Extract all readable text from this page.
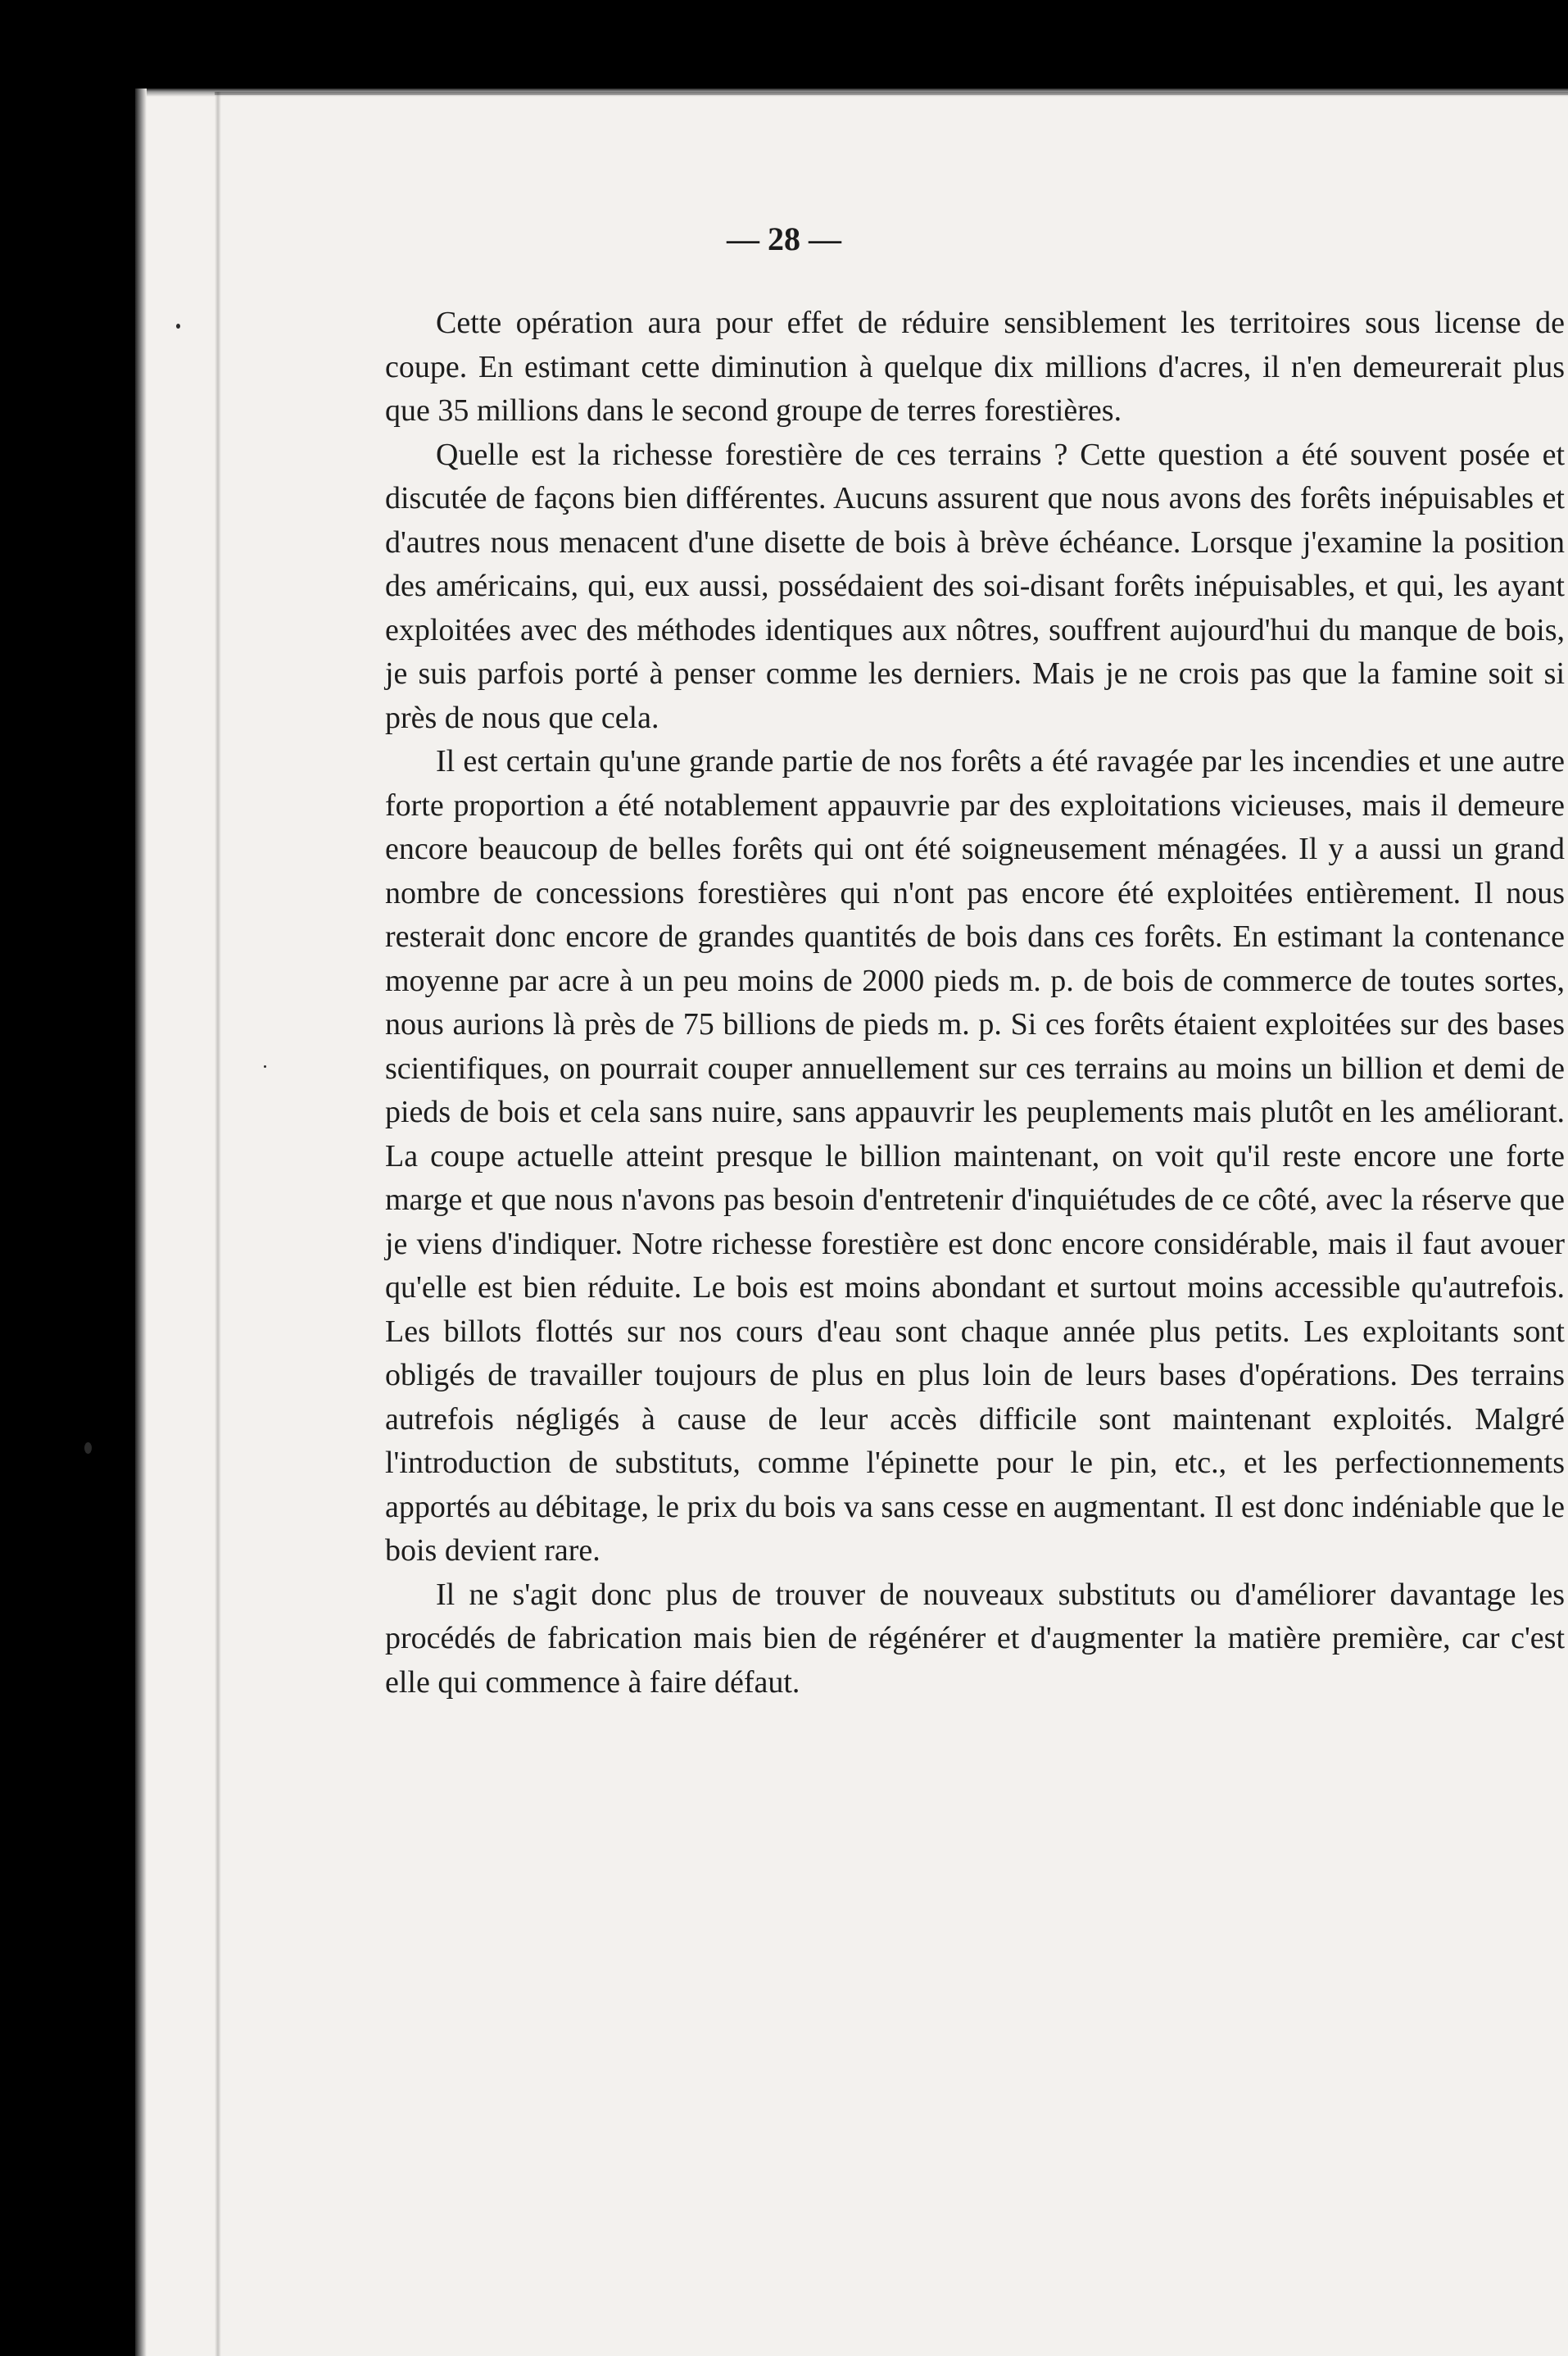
— 28 —

Cette opération aura pour effet de réduire sensiblement les territoires sous license de coupe. En estimant cette diminution à quelque dix millions d'acres, il n'en demeurerait plus que 35 millions dans le second groupe de terres forestières.

Quelle est la richesse forestière de ces terrains ? Cette question a été souvent posée et discutée de façons bien différentes. Aucuns assurent que nous avons des forêts inépuisables et d'autres nous menacent d'une disette de bois à brève échéance. Lorsque j'examine la position des américains, qui, eux aussi, possédaient des soi-disant forêts inépuisables, et qui, les ayant exploitées avec des méthodes identiques aux nôtres, souffrent aujourd'hui du manque de bois, je suis parfois porté à penser comme les derniers. Mais je ne crois pas que la famine soit si près de nous que cela.

Il est certain qu'une grande partie de nos forêts a été ravagée par les incendies et une autre forte proportion a été notablement appauvrie par des exploitations vicieuses, mais il demeure encore beaucoup de belles forêts qui ont été soigneusement ménagées. Il y a aussi un grand nombre de concessions forestières qui n'ont pas encore été exploitées entièrement. Il nous resterait donc encore de grandes quantités de bois dans ces forêts. En estimant la contenance moyenne par acre à un peu moins de 2000 pieds m. p. de bois de commerce de toutes sortes, nous aurions là près de 75 billions de pieds m. p. Si ces forêts étaient exploitées sur des bases scientifiques, on pourrait couper annuellement sur ces terrains au moins un billion et demi de pieds de bois et cela sans nuire, sans appauvrir les peuplements mais plutôt en les améliorant. La coupe actuelle atteint presque le billion maintenant, on voit qu'il reste encore une forte marge et que nous n'avons pas besoin d'entretenir d'inquiétudes de ce côté, avec la réserve que je viens d'indiquer. Notre richesse forestière est donc encore considérable, mais il faut avouer qu'elle est bien réduite. Le bois est moins abondant et surtout moins accessible qu'autrefois. Les billots flottés sur nos cours d'eau sont chaque année plus petits. Les exploitants sont obligés de travailler toujours de plus en plus loin de leurs bases d'opérations. Des terrains autrefois négligés à cause de leur accès difficile sont maintenant exploités. Malgré l'introduction de substituts, comme l'épinette pour le pin, etc., et les perfectionnements apportés au débitage, le prix du bois va sans cesse en augmentant. Il est donc indéniable que le bois devient rare.

Il ne s'agit donc plus de trouver de nouveaux substituts ou d'améliorer davantage les procédés de fabrication mais bien de régénérer et d'augmenter la matière première, car c'est elle qui commence à faire défaut.
